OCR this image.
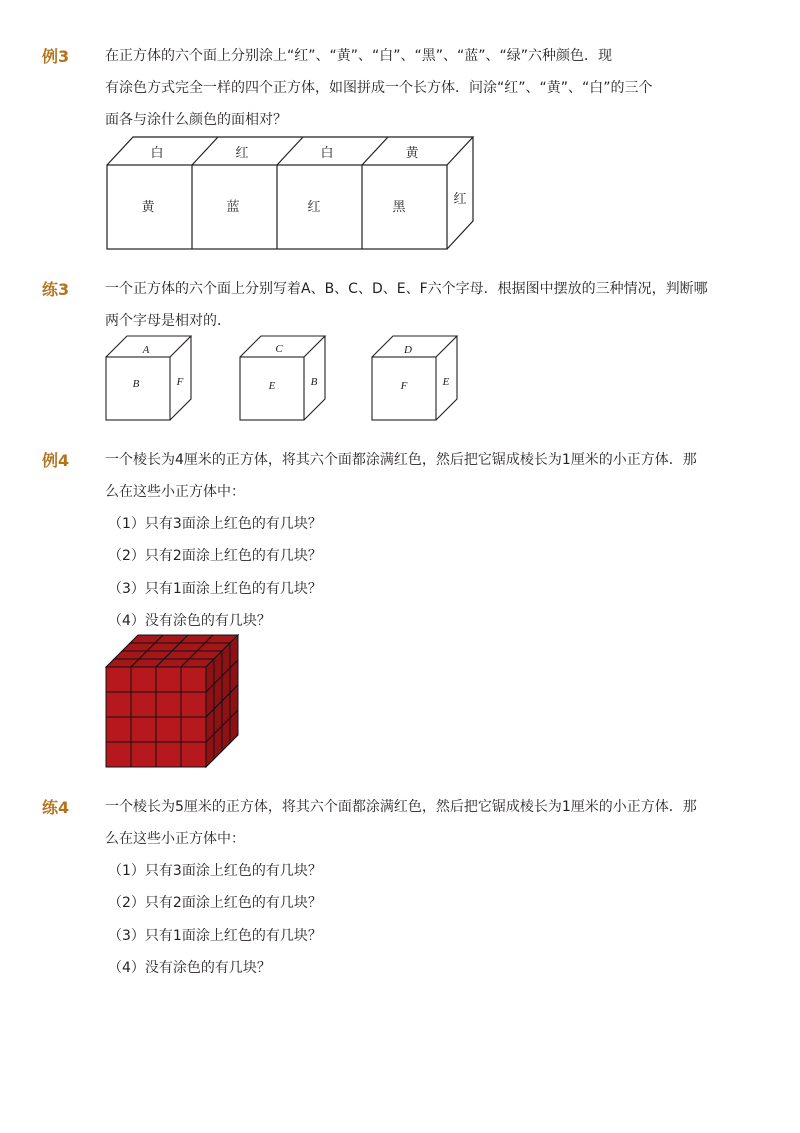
例3	在正方体的六个面上分别涂上“红”、“黄”、“白”、“黑”、“蓝”、“绿”六种颜色．现
有涂色方式完全一样的四个正方体，如图拼成一个长方体．问涂“红”、“黄”、“白”的三个
面各与涂什么颜色的面相对？
白	红	白	黄
黄	蓝	红	黑
红
练3	一个正方体的六个面上分别写着A、B、C、D、E、F六个字母．根据图中摆放的三种情况，判断哪
两个字母是相对的．
A
B	F
C
E	B
D
F	E
例4	一个棱长为4厘米的正方体，将其六个面都涂满红色，然后把它锯成棱长为1厘米的小正方体．那
么在这些小正方体中：
（1）只有3面涂上红色的有几块？
（2）只有2面涂上红色的有几块？
（3）只有1面涂上红色的有几块？
（4）没有涂色的有几块？
练4	一个棱长为5厘米的正方体，将其六个面都涂满红色，然后把它锯成棱长为1厘米的小正方体．那
么在这些小正方体中：
（1）只有3面涂上红色的有几块？
（2）只有2面涂上红色的有几块？
（3）只有1面涂上红色的有几块？
（4）没有涂色的有几块？
